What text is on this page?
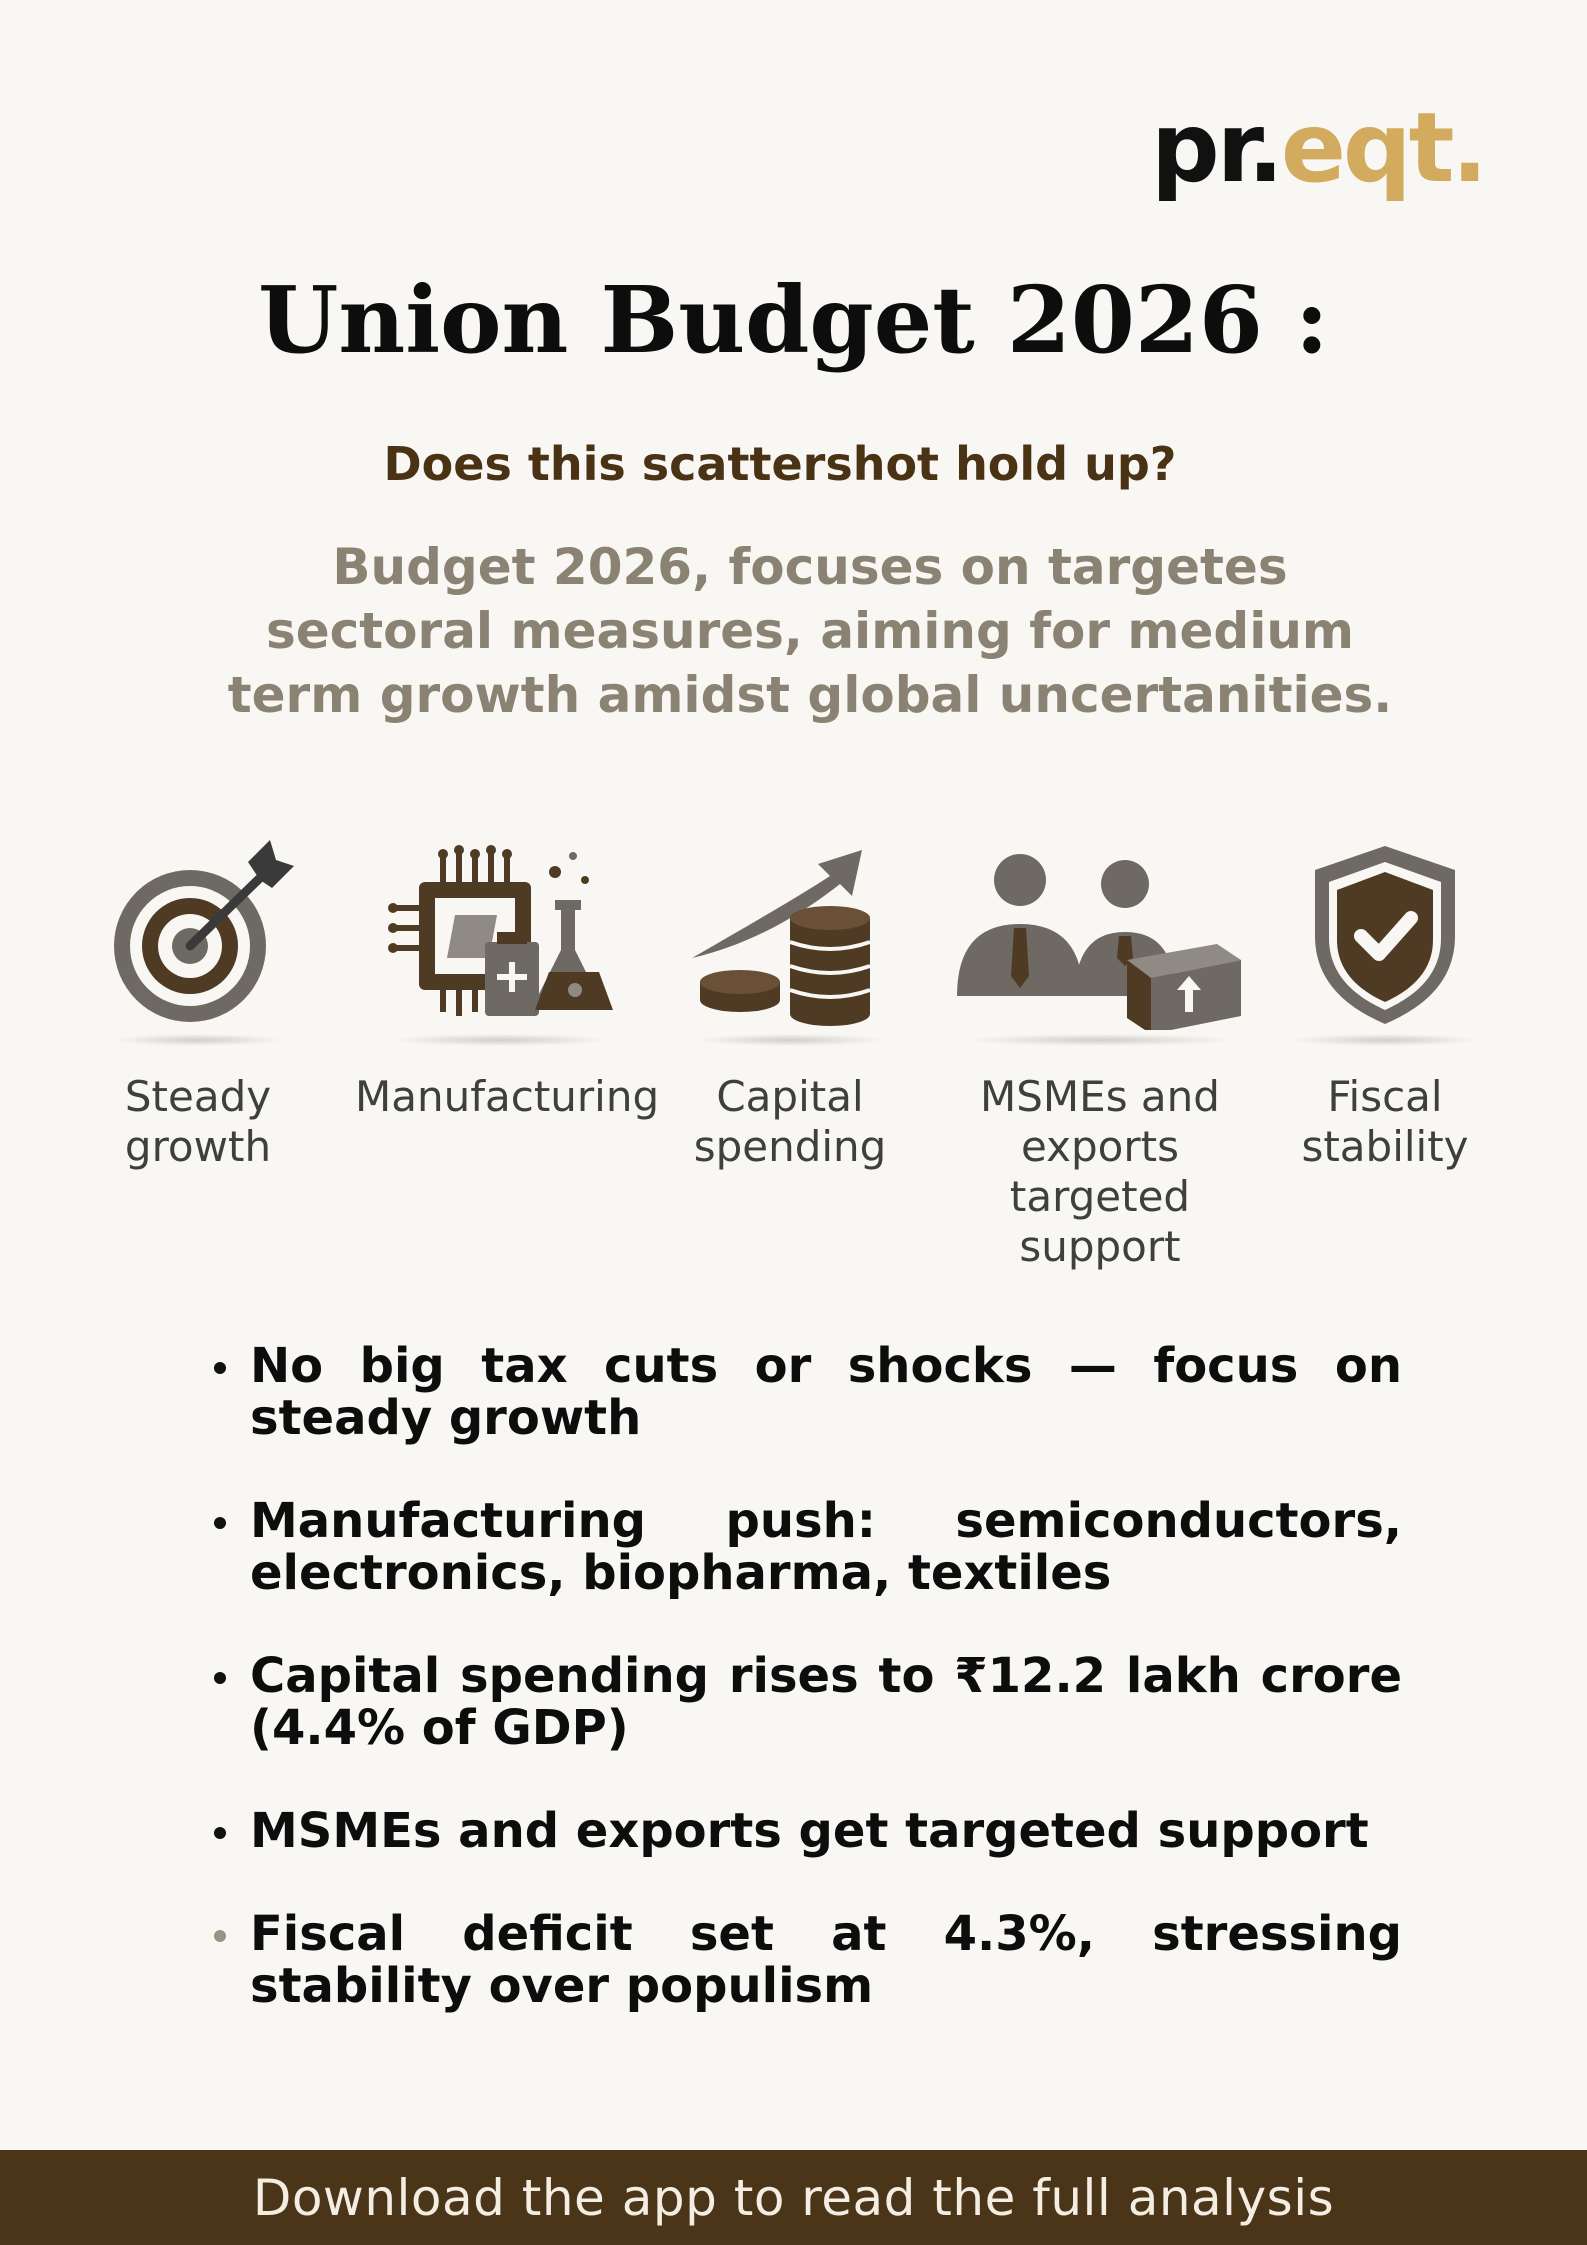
pr.eqt.
Union Budget 2026 :
Does this scattershot hold up?
Budget 2026, focuses on targetes sectoral measures, aiming for medium term growth amidst global uncertanities.
Steady
growth
Manufacturing	Capital
spending
MSMEs and
exports
targeted support
Fiscal
stability
No big tax cuts or shocks — focus on steady growth
Manufacturing push: semiconductors, electronics, biopharma, textiles
Capital spending rises to ₹12.2 lakh crore (4.4% of GDP)
MSMEs and exports get targeted support
Fiscal deficit set at 4.3%, stressing stability over populism
Download the app to read the full analysis
